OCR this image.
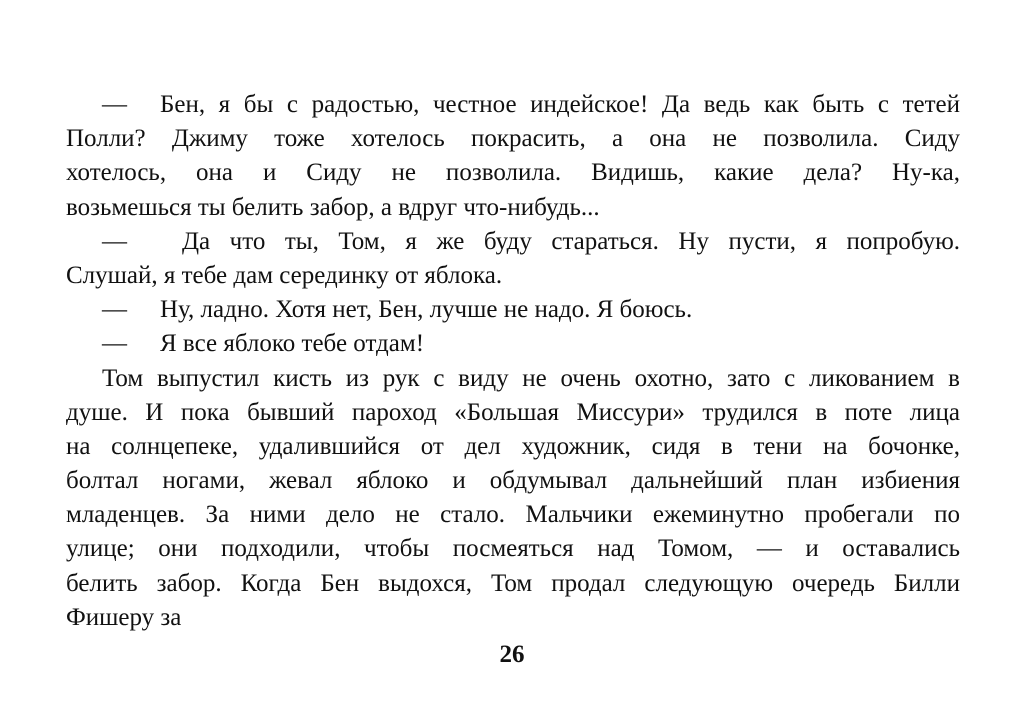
—	Бен, я бы с радостью, честное индейское! Да ведь как быть с тетей
Полли? Джиму тоже хотелось покрасить, а она не позволила. Сиду
хотелось, она и Сиду не позволила. Видишь, какие дела? Ну-ка,
возьмешься ты белить забор, а вдруг что-нибудь...
—	Да что ты, Том, я же буду стараться. Ну пусти, я попробую.
Слушай, я тебе дам серединку от яблока.
—	Ну, ладно. Хотя нет, Бен, лучше не надо. Я боюсь.
—	Я все яблоко тебе отдам!
Том выпустил кисть из рук с виду не очень охотно, зато с ликованием в
душе. И пока бывший пароход «Большая Миссури» трудился в поте лица
на солнцепеке, удалившийся от дел художник, сидя в тени на бочонке,
болтал ногами, жевал яблоко и обдумывал дальнейший план избиения
младенцев. За ними дело не стало. Мальчики ежеминутно пробегали по
улице; они подходили, чтобы посмеяться над Томом, — и оставались
белить забор. Когда Бен выдохся, Том продал следующую очередь Билли
Фишеру за
26
